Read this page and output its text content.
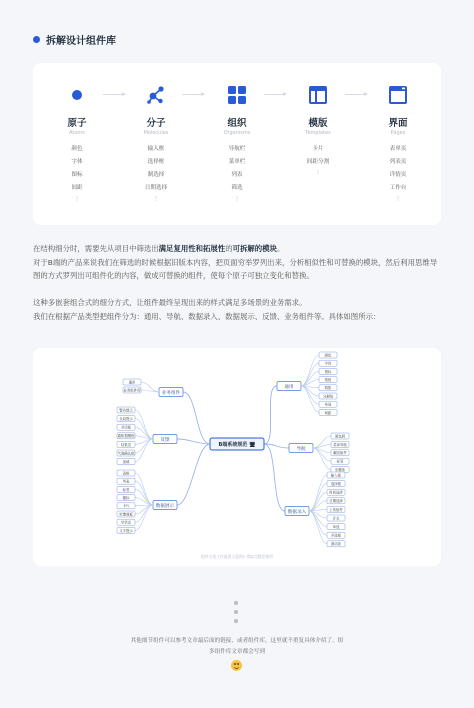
拆解设计组件库
原子
Atoms
颜色
字体
图标
间距
⋮
分子
Molecules
输入框
选择框
制选择
日期选择
⋮
组织
Organisms
导航栏
菜单栏
列表
筛选
⋮
模版
Templates
卡片
间距分割
⋮
界面
Pages
表单页
列表页
详情页
工作台
⋮
在结构细分时，需要先从项目中筛选出满足复用性和拓展性的可拆解的模块。
对于B端的产品来说我们在筛选的时候根据旧版本内容，把页面穷举罗列出来，分析相似性和可替换的模块，然后利用思维导图的方式罗列出可组件化的内容，做成可替换的组件，使每个原子可独立变化和替换。
这种多嵌套组合式的细分方式，让组件最终呈现出来的样式满足多场景的业务需求。
我们在根据产品类型把组件分为：通用、导航、数据录入、数据展示、反馈、业务组件等。具体如图所示：
通用
颜色
字体
图标
按钮
阴影
分割线
布局
间距
导航
面包屑
菜单导航
翻页组件
标签
步骤条
数据录入
输入框
选择框
时间选择
日期选择
上传组件
开关
单选
多选框
滑动条
业务组件
通用
业务组件库
反馈
警告提示
全局提示
对话框
通知提醒框
结果页
气泡确认框
加载
数据展示
表格
列表
标签
徽标
卡片
折叠面板
空状态
文字提示
B端系统规范 🖥
组件分类工作流图示意图1 拿取完整思维图
其他细节组件可以参考文章最后面的链接，或者组件库，这里就不重复具体介绍了，组
多组件库文章都会写到
